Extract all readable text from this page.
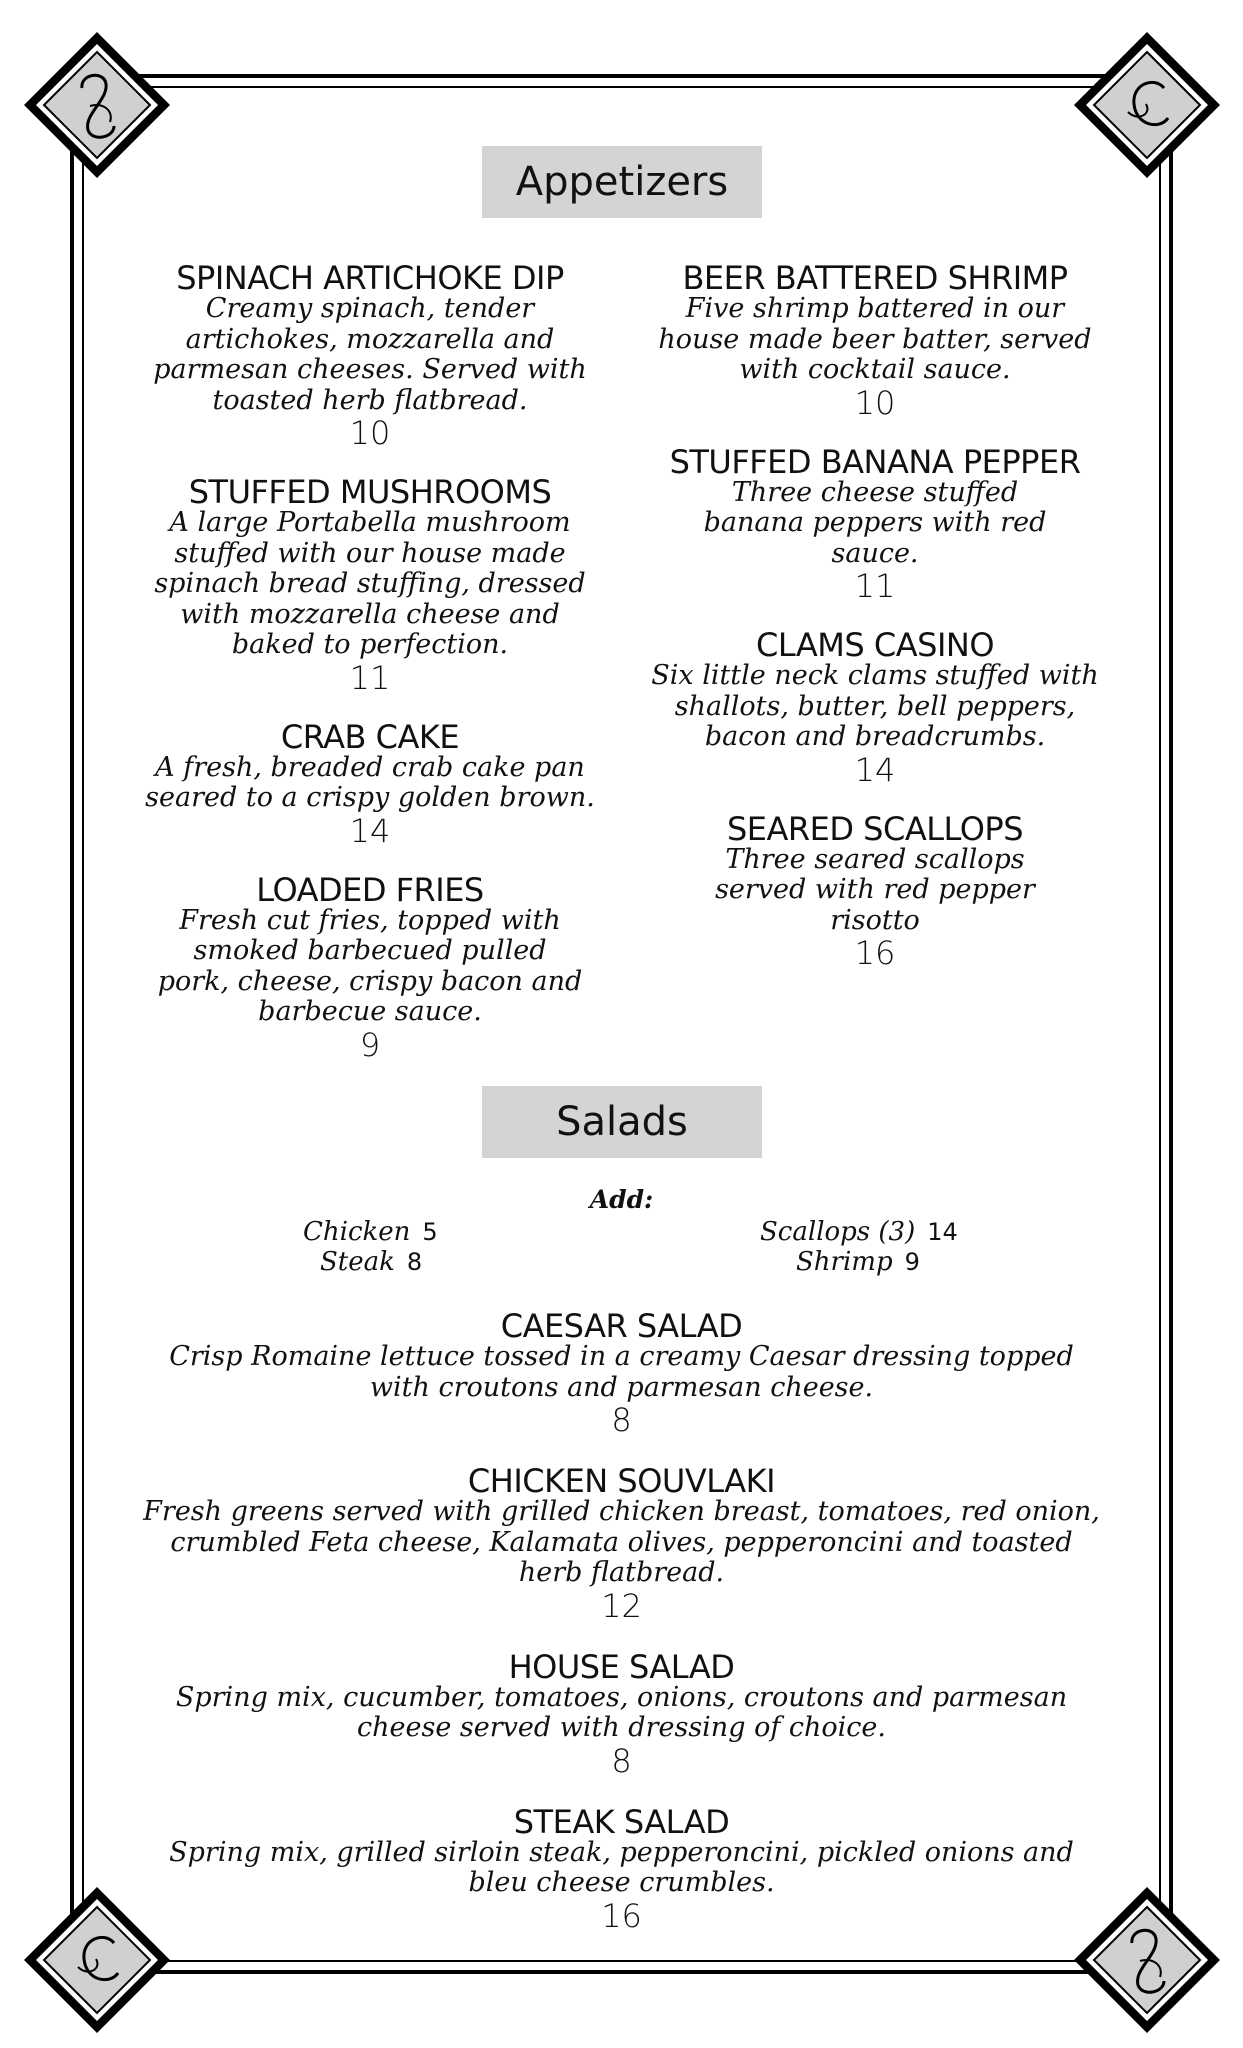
Appetizers
SPINACH ARTICHOKE DIP
Creamy spinach, tender artichokes, mozzarella and parmesan cheeses. Served with toasted herb flatbread.
10
STUFFED MUSHROOMS
A large Portabella mushroom stuffed with our house made spinach bread stuffing, dressed with mozzarella cheese and baked to perfection.
11
CRAB CAKE
A fresh, breaded crab cake pan seared to a crispy golden brown.
14
LOADED FRIES
Fresh cut fries, topped with smoked barbecued pulled pork, cheese, crispy bacon and barbecue sauce.
9
BEER BATTERED SHRIMP
Five shrimp battered in our house made beer batter, served with cocktail sauce.
10
STUFFED BANANA PEPPER
Three cheese stuffed banana peppers with red sauce.
11
CLAMS CASINO
Six little neck clams stuffed with shallots, butter, bell peppers, bacon and breadcrumbs.
14
SEARED SCALLOPS
Three seared scallops served with red pepper risotto
16
Salads
Add:
Chicken 5
Steak 8
Scallops (3) 14
Shrimp 9
CAESAR SALAD
Crisp Romaine lettuce tossed in a creamy Caesar dressing topped
with croutons and parmesan cheese.
8
CHICKEN SOUVLAKI
Fresh greens served with grilled chicken breast, tomatoes, red onion,
crumbled Feta cheese, Kalamata olives, pepperoncini and toasted
herb flatbread.
12
HOUSE SALAD
Spring mix, cucumber, tomatoes, onions, croutons and parmesan
cheese served with dressing of choice.
8
STEAK SALAD
Spring mix, grilled sirloin steak, pepperoncini, pickled onions and
bleu cheese crumbles.
16
